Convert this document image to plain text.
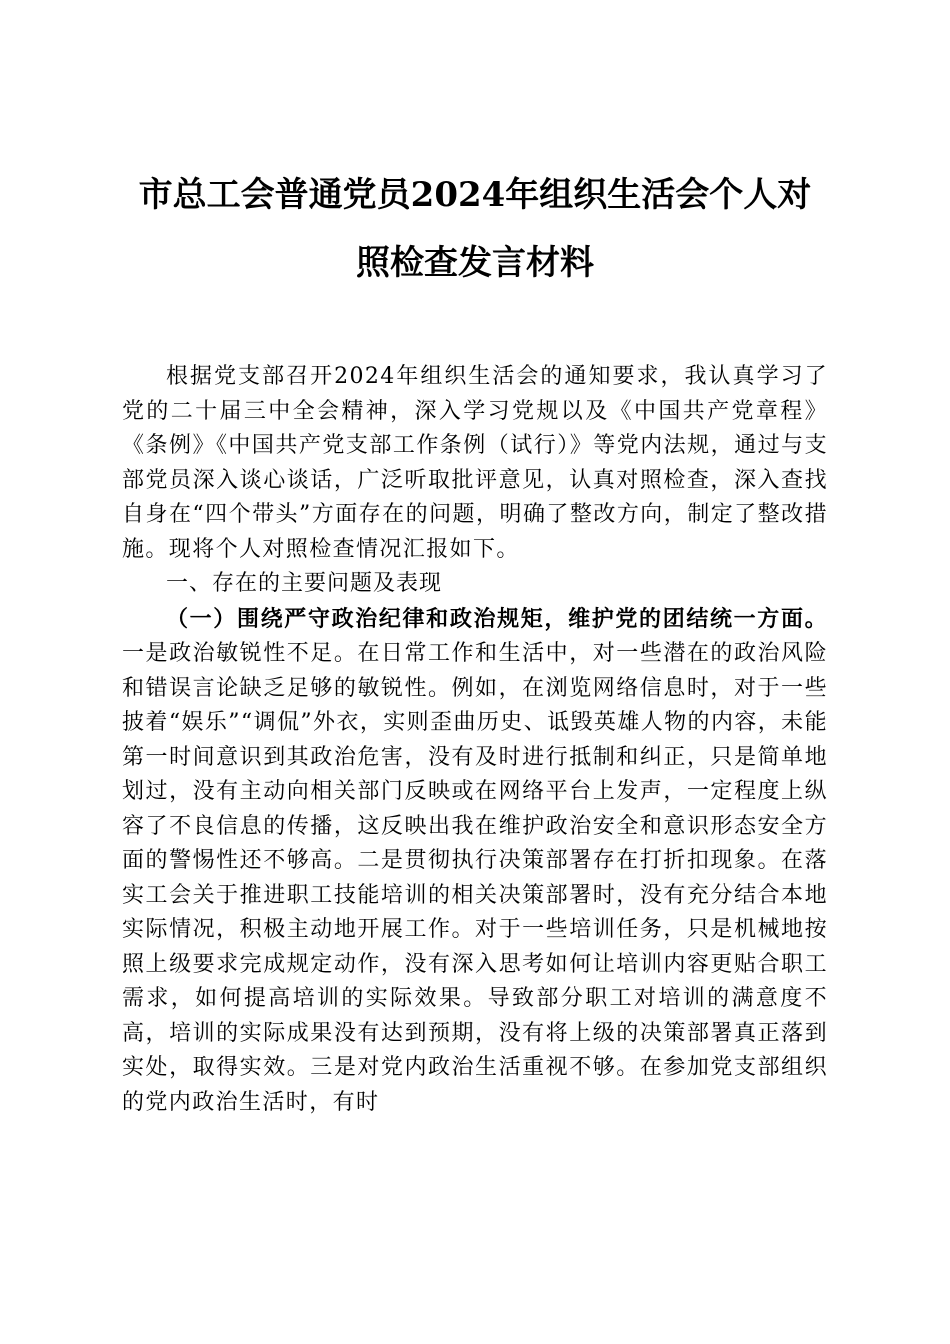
市总工会普通党员2024年组织生活会个人对
照检查发言材料

根据党支部召开2024年组织生活会的通知要求，我认真学习了党的二十届三中全会精神，深入学习党规以及《中国共产党章程》《条例》《中国共产党支部工作条例（试行）》等党内法规，通过与支部党员深入谈心谈话，广泛听取批评意见，认真对照检查，深入查找自身在“四个带头”方面存在的问题，明确了整改方向，制定了整改措施。现将个人对照检查情况汇报如下。

一、存在的主要问题及表现

（一）围绕严守政治纪律和政治规矩，维护党的团结统一方面。一是政治敏锐性不足。在日常工作和生活中，对一些潜在的政治风险和错误言论缺乏足够的敏锐性。例如，在浏览网络信息时，对于一些披着“娱乐”“调侃”外衣，实则歪曲历史、诋毁英雄人物的内容，未能第一时间意识到其政治危害，没有及时进行抵制和纠正，只是简单地划过，没有主动向相关部门反映或在网络平台上发声，一定程度上纵容了不良信息的传播，这反映出我在维护政治安全和意识形态安全方面的警惕性还不够高。二是贯彻执行决策部署存在打折扣现象。在落实工会关于推进职工技能培训的相关决策部署时，没有充分结合本地实际情况，积极主动地开展工作。对于一些培训任务，只是机械地按照上级要求完成规定动作，没有深入思考如何让培训内容更贴合职工需求，如何提高培训的实际效果。导致部分职工对培训的满意度不高，培训的实际成果没有达到预期，没有将上级的决策部署真正落到实处，取得实效。三是对党内政治生活重视不够。在参加党支部组织的党内政治生活时，有时
